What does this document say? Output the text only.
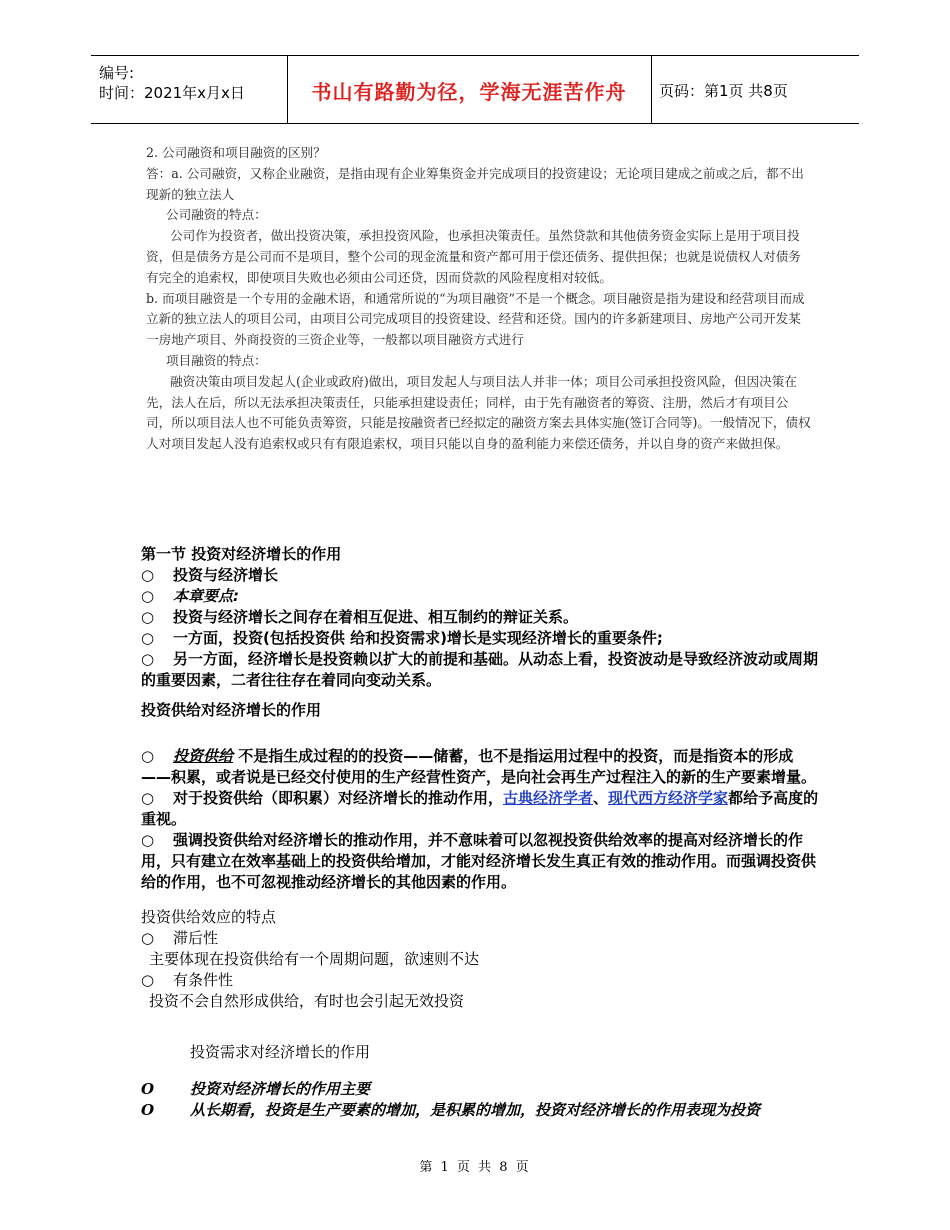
编号:
时间：2021年x月x日	书山有路勤为径，学海无涯苦作舟	页码：第1页 共8页

2. 公司融资和项目融资的区别？

答：a. 公司融资，又称企业融资，是指由现有企业筹集资金并完成项目的投资建设；无论项目建成之前或之后，都不出现新的独立法人

公司融资的特点：

公司作为投资者，做出投资决策，承担投资风险，也承担决策责任。虽然贷款和其他债务资金实际上是用于项目投资，但是债务方是公司而不是项目，整个公司的现金流量和资产都可用于偿还债务、提供担保；也就是说债权人对债务有完全的追索权，即使项目失败也必须由公司还贷，因而贷款的风险程度相对较低。

b. 而项目融资是一个专用的金融术语，和通常所说的“为项目融资”不是一个概念。项目融资是指为建设和经营项目而成立新的独立法人的项目公司，由项目公司完成项目的投资建设、经营和还贷。国内的许多新建项目、房地产公司开发某一房地产项目、外商投资的三资企业等，一般都以项目融资方式进行

项目融资的特点：

融资决策由项目发起人(企业或政府)做出，项目发起人与项目法人并非一体；项目公司承担投资风险，但因决策在先，法人在后，所以无法承担决策责任，只能承担建设责任；同样，由于先有融资者的筹资、注册，然后才有项目公司，所以项目法人也不可能负责筹资，只能是按融资者已经拟定的融资方案去具体实施(签订合同等)。一般情况下，债权人对项目发起人没有追索权或只有有限追索权，项目只能以自身的盈利能力来偿还债务，并以自身的资产来做担保。

第一节 投资对经济增长的作用

○ 投资与经济增长

○ 本章要点:

○ 投资与经济增长之间存在着相互促进、相互制约的辩证关系。

○ 一方面，投资(包括投资供 给和投资需求)增长是实现经济增长的重要条件;

○ 另一方面，经济增长是投资赖以扩大的前提和基础。从动态上看，投资波动是导致经济波动或周期的重要因素，二者往往存在着同向变动关系。

投资供给对经济增长的作用

○ 投资供给 不是指生成过程的的投资——储蓄，也不是指运用过程中的投资，而是指资本的形成——积累，或者说是已经交付使用的生产经营性资产，是向社会再生产过程注入的新的生产要素增量。

○ 对于投资供给（即积累）对经济增长的推动作用，古典经济学者、现代西方经济学家都给予高度的重视。

○ 强调投资供给对经济增长的推动作用，并不意味着可以忽视投资供给效率的提高对经济增长的作用，只有建立在效率基础上的投资供给增加，才能对经济增长发生真正有效的推动作用。而强调投资供给的作用，也不可忽视推动经济增长的其他因素的作用。

投资供给效应的特点

○ 滞后性

主要体现在投资供给有一个周期问题，欲速则不达

○ 有条件性

投资不会自然形成供给，有时也会引起无效投资

投资需求对经济增长的作用

O 投资对经济增长的作用主要

O 从长期看，投资是生产要素的增加，是积累的增加，投资对经济增长的作用表现为投资

第 1 页 共 8 页
